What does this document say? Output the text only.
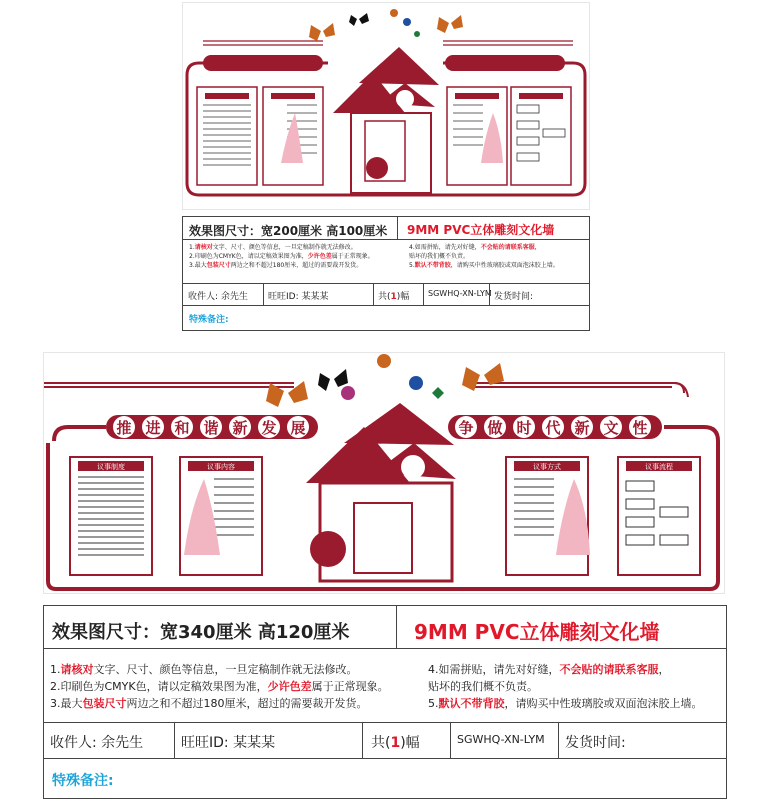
效果图尺寸：宽200厘米 高100厘米 9MM PVC立体雕刻文化墙
1.请核对文字、尺寸、颜色等信息，一旦定稿制作就无法修改。
2.印刷色为CMYK色，请以定稿效果图为准，少许色差属于正常现象。
3.最大包装尺寸两边之和不超过180厘米，超过的需要裁开发货。
4.如需拼贴，请先对好缝，不会贴的请联系客服，
贴坏的我们概不负责。
5.默认不带背胶，请购买中性玻璃胶或双面泡沫胶上墙。
收件人: 余先生 旺旺ID: 某某某	共(1)幅 SGWHQ-XN-LYM 发货时间:
特殊备注:
推 进 和 谐 新 发 展	争 做 时 代 新 文 性
议事制度	议事内容	议事方式	议事流程
效果图尺寸：宽340厘米 高120厘米	9MM PVC立体雕刻文化墙
1.请核对文字、尺寸、颜色等信息，一旦定稿制作就无法修改。
2.印刷色为CMYK色，请以定稿效果图为准，少许色差属于正常现象。
3.最大包装尺寸两边之和不超过180厘米，超过的需要裁开发货。
4.如需拼贴，请先对好缝，不会贴的请联系客服，
贴坏的我们概不负责。
5.默认不带背胶，请购买中性玻璃胶或双面泡沫胶上墙。
收件人: 余先生	旺旺ID: 某某某	共(1)幅	SGWHQ-XN-LYM 发货时间:
特殊备注:
